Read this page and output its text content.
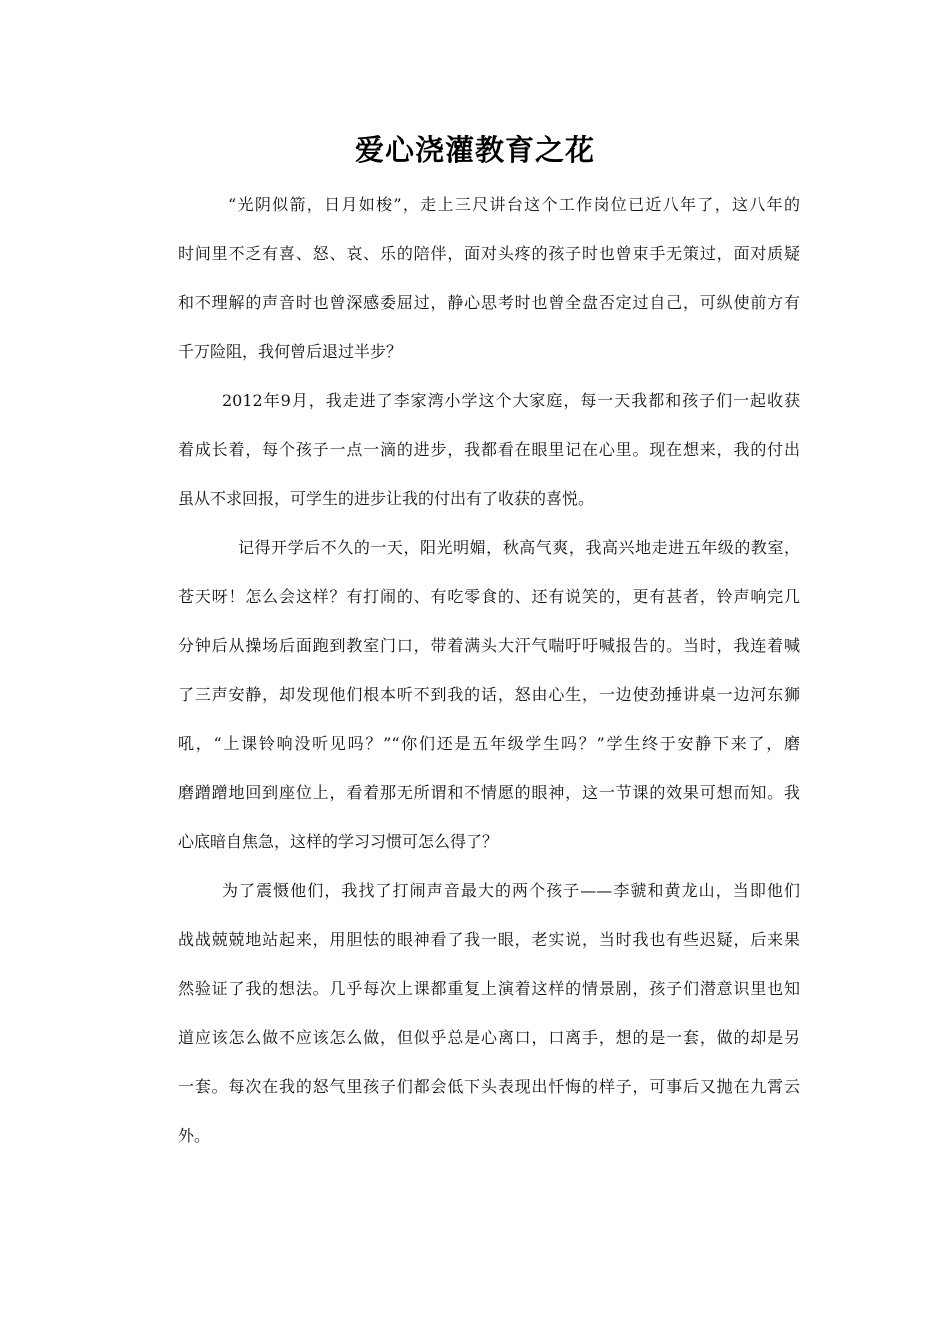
爱心浇灌教育之花
“光阴似箭，日月如梭”，走上三尺讲台这个工作岗位已近八年了，这八年的
时间里不乏有喜、怒、哀、乐的陪伴，面对头疼的孩子时也曾束手无策过，面对质疑
和不理解的声音时也曾深感委屈过，静心思考时也曾全盘否定过自己，可纵使前方有
千万险阻，我何曾后退过半步？
2012年9月，我走进了李家湾小学这个大家庭，每一天我都和孩子们一起收获
着成长着，每个孩子一点一滴的进步，我都看在眼里记在心里。现在想来，我的付出
虽从不求回报，可学生的进步让我的付出有了收获的喜悦。
记得开学后不久的一天，阳光明媚，秋高气爽，我高兴地走进五年级的教室，
苍天呀！怎么会这样？有打闹的、有吃零食的、还有说笑的，更有甚者，铃声响完几
分钟后从操场后面跑到教室门口，带着满头大汗气喘吁吁喊报告的。当时，我连着喊
了三声安静，却发现他们根本听不到我的话，怒由心生，一边使劲捶讲桌一边河东狮
吼，“上课铃响没听见吗？”“你们还是五年级学生吗？”学生终于安静下来了，磨
磨蹭蹭地回到座位上，看着那无所谓和不情愿的眼神，这一节课的效果可想而知。我
心底暗自焦急，这样的学习习惯可怎么得了？
为了震慑他们，我找了打闹声音最大的两个孩子——李虢和黄龙山，当即他们
战战兢兢地站起来，用胆怯的眼神看了我一眼，老实说，当时我也有些迟疑，后来果
然验证了我的想法。几乎每次上课都重复上演着这样的情景剧，孩子们潜意识里也知
道应该怎么做不应该怎么做，但似乎总是心离口，口离手，想的是一套，做的却是另
一套。每次在我的怒气里孩子们都会低下头表现出忏悔的样子，可事后又抛在九霄云
外。
